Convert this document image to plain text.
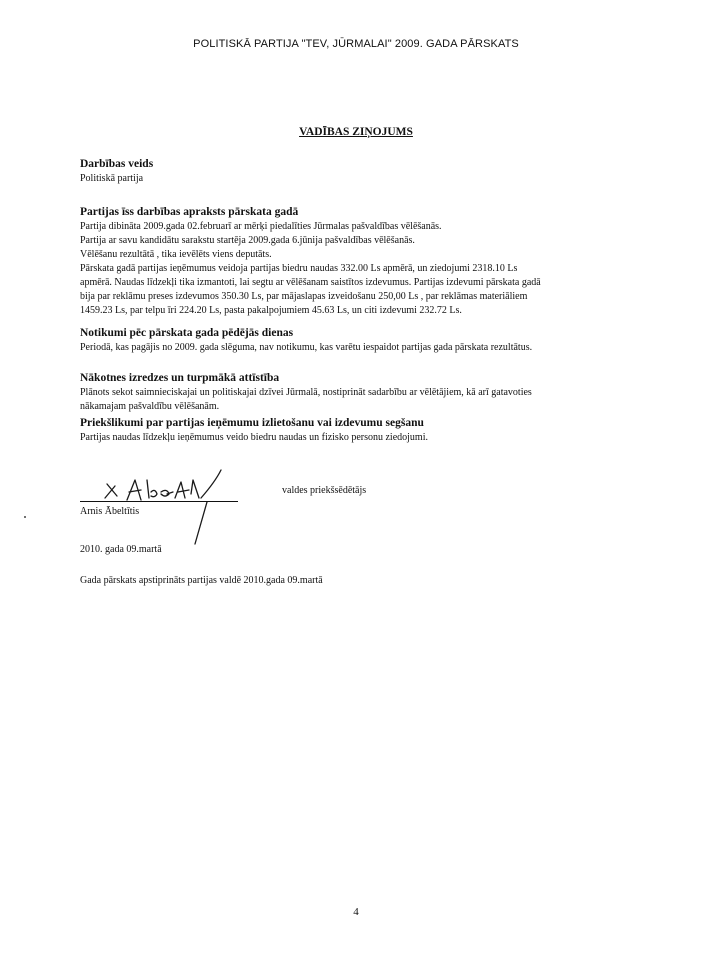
POLITISKĀ PARTIJA "TEV, JŪRMALAI" 2009. GADA PĀRSKATS
VADĪBAS ZIŅOJUMS
Darbības veids
Politiskā partija
Partijas īss darbības apraksts pārskata gadā
Partija dibināta 2009.gada 02.februarī ar mērķi piedalīties Jūrmalas pašvaldības vēlēšanās.
Partija ar savu kandidātu sarakstu startēja 2009.gada 6.jūnija pašvaldības vēlēšanās.
Vēlēšanu rezultātā , tika ievēlēts viens deputāts.
Pārskata gadā partijas ieņēmumus veidoja partijas biedru naudas 332.00 Ls apmērā, un ziedojumi 2318.10 Ls
apmērā. Naudas līdzekļi tika izmantoti, lai segtu ar vēlēšanam saistītos izdevumus. Partijas izdevumi pārskata gadā
bija par reklāmu preses izdevumos 350.30 Ls, par mājaslapas izveidošanu 250,00 Ls , par reklāmas materiāliem
1459.23 Ls, par telpu īri 224.20 Ls, pasta pakalpojumiem 45.63 Ls, un citi izdevumi 232.72 Ls.
Notikumi pēc pārskata gada pēdējās dienas
Periodā, kas pagājis no 2009. gada slēguma, nav notikumu, kas varētu iespaidot partijas gada pārskata rezultātus.
Nākotnes izredzes un turpmākā attīstība
Plānots sekot saimnieciskajai un politiskajai dzīvei Jūrmalā, nostiprināt sadarbību ar vēlētājiem, kā arī gatavoties
nākamajam pašvaldību vēlēšanām.
Priekšlikumi par partijas ieņēmumu izlietošanu vai izdevumu segšanu
Partijas naudas līdzekļu ieņēmumus veido biedru naudas un fizisko personu ziedojumi.
Arnis Ābeltītis
valdes priekšsēdētājs
2010. gada 09.martā
Gada pārskats apstiprināts partijas valdē 2010.gada 09.martā
4
